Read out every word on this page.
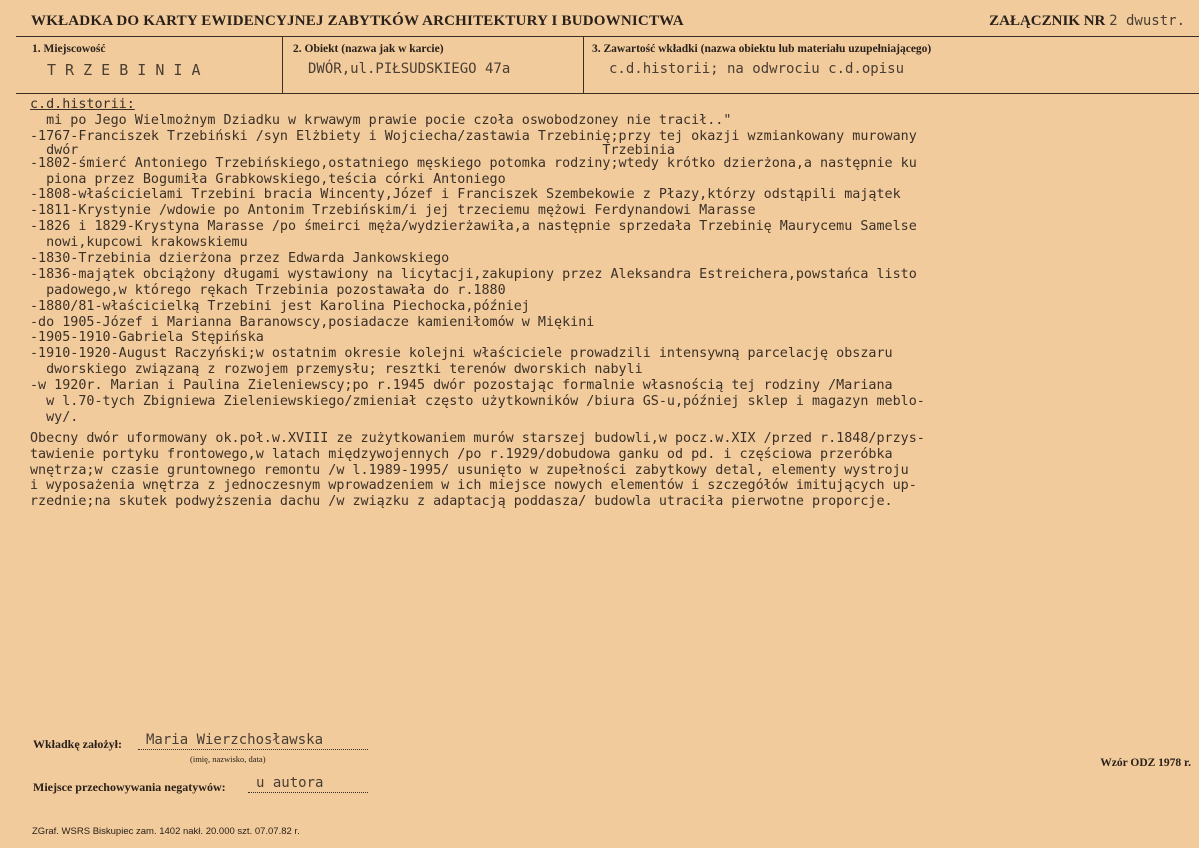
WKŁADKA DO KARTY EWIDENCYJNEJ ZABYTKÓW ARCHITEKTURY I BUDOWNICTWA	ZAŁĄCZNIK NR 2 dwustr.
1. Miejscowość
T R Z E B I N I A
2. Obiekt (nazwa jak w karcie)
DWÓR,ul.PIŁSUDSKIEGO 47a
3. Zawartość wkładki (nazwa obiektu lub materiału uzupełniającego)
c.d.historii; na odwrociu c.d.opisu
c.d.historii:
mi po Jego Wielmożnym Dziadku w krwawym prawie pocie czoła oswobodzoney nie tracił.."
-1767-Franciszek Trzebiński /syn Elżbiety i Wojciecha/zastawia Trzebinię;przy tej okazji wzmiankowany murowany
dwór                                                                 Trzebinia
-1802-śmierć Antoniego Trzebińskiego,ostatniego męskiego potomka rodziny;wtedy krótko dzierżona,a następnie ku
piona przez Bogumiła Grabkowskiego,teścia córki Antoniego
-1808-właścicielami Trzebini bracia Wincenty,Józef i Franciszek Szembekowie z Płazy,którzy odstąpili majątek
-1811-Krystynie /wdowie po Antonim Trzebińskim/i jej trzeciemu mężowi Ferdynandowi Marasse
-1826 i 1829-Krystyna Marasse /po śmeirci męża/wydzierżawiła,a następnie sprzedała Trzebinię Maurycemu Samelse
nowi,kupcowi krakowskiemu
-1830-Trzebinia dzierżona przez Edwarda Jankowskiego
-1836-majątek obciążony długami wystawiony na licytacji,zakupiony przez Aleksandra Estreichera,powstańca listo
padowego,w którego rękach Trzebinia pozostawała do r.1880
-1880/81-właścicielką Trzebini jest Karolina Piechocka,później
-do 1905-Józef i Marianna Baranowscy,posiadacze kamieniłomów w Miękini
-1905-1910-Gabriela Stępińska
-1910-1920-August Raczyński;w ostatnim okresie kolejni właściciele prowadzili intensywną parcelację obszaru
dworskiego związaną z rozwojem przemysłu; resztki terenów dworskich nabyli
-w 1920r. Marian i Paulina Zieleniewscy;po r.1945 dwór pozostając formalnie własnością tej rodziny /Mariana
w l.70-tych Zbigniewa Zieleniewskiego/zmieniał często użytkowników /biura GS-u,później sklep i magazyn meblo-
wy/.
Obecny dwór uformowany ok.poł.w.XVIII ze zużytkowaniem murów starszej budowli,w pocz.w.XIX /przed r.1848/przys-
tawienie portyku frontowego,w latach międzywojennych /po r.1929/dobudowa ganku od pd. i częściowa przeróbka
wnętrza;w czasie gruntownego remontu /w l.1989-1995/ usunięto w zupełności zabytkowy detal, elementy wystroju
i wyposażenia wnętrza z jednoczesnym wprowadzeniem w ich miejsce nowych elementów i szczegółów imitujących up-
rzednie;na skutek podwyższenia dachu /w związku z adaptacją poddasza/ budowla utraciła pierwotne proporcje.
Wkładkę założył: Maria Wierzchosławska
(imię, nazwisko, data)
Miejsce przechowywania negatywów: u autora
Wzór ODZ 1978 r.
ZGraf. WSRS Biskupiec zam. 1402 nakł. 20.000 szt. 07.07.82 r.
